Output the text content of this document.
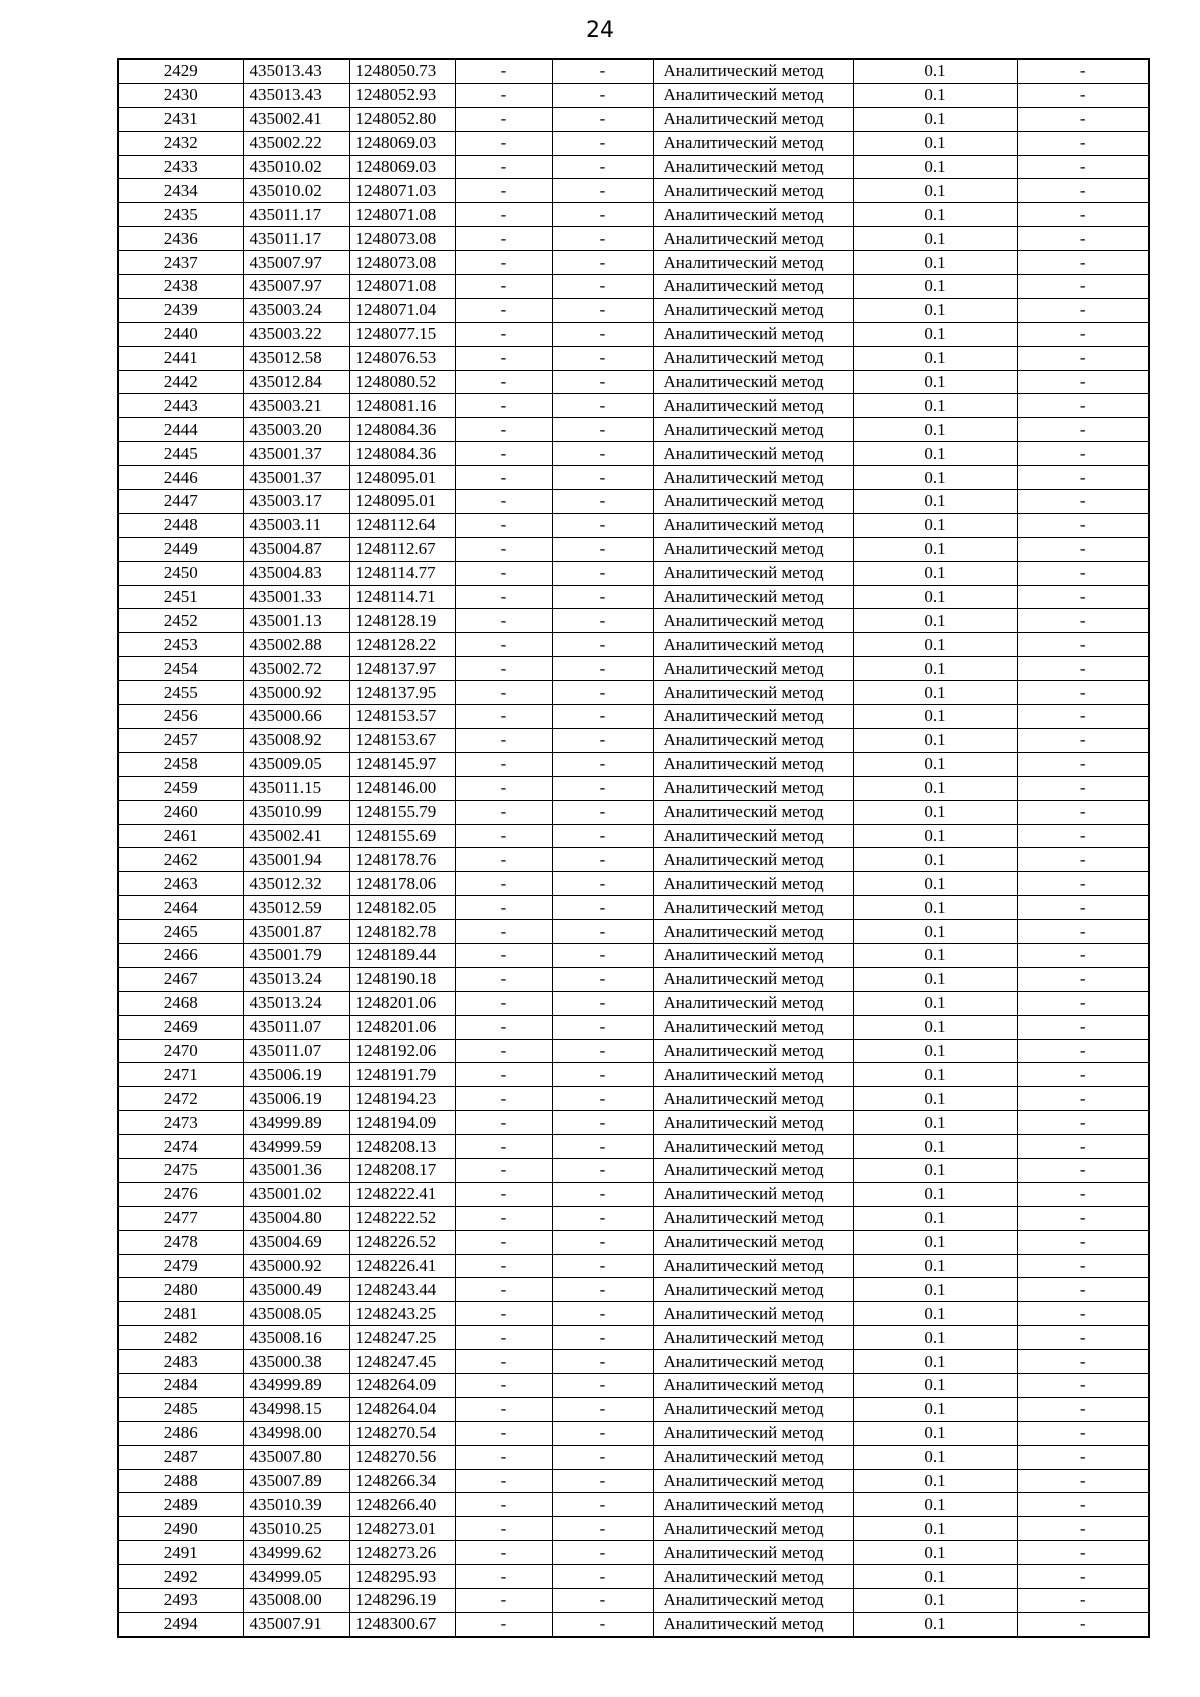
24
2429	435013.43	1248050.73	-	-	Аналитический метод	0.1	-
2430	435013.43	1248052.93	-	-	Аналитический метод	0.1	-
2431	435002.41	1248052.80	-	-	Аналитический метод	0.1	-
2432	435002.22	1248069.03	-	-	Аналитический метод	0.1	-
2433	435010.02	1248069.03	-	-	Аналитический метод	0.1	-
2434	435010.02	1248071.03	-	-	Аналитический метод	0.1	-
2435	435011.17	1248071.08	-	-	Аналитический метод	0.1	-
2436	435011.17	1248073.08	-	-	Аналитический метод	0.1	-
2437	435007.97	1248073.08	-	-	Аналитический метод	0.1	-
2438	435007.97	1248071.08	-	-	Аналитический метод	0.1	-
2439	435003.24	1248071.04	-	-	Аналитический метод	0.1	-
2440	435003.22	1248077.15	-	-	Аналитический метод	0.1	-
2441	435012.58	1248076.53	-	-	Аналитический метод	0.1	-
2442	435012.84	1248080.52	-	-	Аналитический метод	0.1	-
2443	435003.21	1248081.16	-	-	Аналитический метод	0.1	-
2444	435003.20	1248084.36	-	-	Аналитический метод	0.1	-
2445	435001.37	1248084.36	-	-	Аналитический метод	0.1	-
2446	435001.37	1248095.01	-	-	Аналитический метод	0.1	-
2447	435003.17	1248095.01	-	-	Аналитический метод	0.1	-
2448	435003.11	1248112.64	-	-	Аналитический метод	0.1	-
2449	435004.87	1248112.67	-	-	Аналитический метод	0.1	-
2450	435004.83	1248114.77	-	-	Аналитический метод	0.1	-
2451	435001.33	1248114.71	-	-	Аналитический метод	0.1	-
2452	435001.13	1248128.19	-	-	Аналитический метод	0.1	-
2453	435002.88	1248128.22	-	-	Аналитический метод	0.1	-
2454	435002.72	1248137.97	-	-	Аналитический метод	0.1	-
2455	435000.92	1248137.95	-	-	Аналитический метод	0.1	-
2456	435000.66	1248153.57	-	-	Аналитический метод	0.1	-
2457	435008.92	1248153.67	-	-	Аналитический метод	0.1	-
2458	435009.05	1248145.97	-	-	Аналитический метод	0.1	-
2459	435011.15	1248146.00	-	-	Аналитический метод	0.1	-
2460	435010.99	1248155.79	-	-	Аналитический метод	0.1	-
2461	435002.41	1248155.69	-	-	Аналитический метод	0.1	-
2462	435001.94	1248178.76	-	-	Аналитический метод	0.1	-
2463	435012.32	1248178.06	-	-	Аналитический метод	0.1	-
2464	435012.59	1248182.05	-	-	Аналитический метод	0.1	-
2465	435001.87	1248182.78	-	-	Аналитический метод	0.1	-
2466	435001.79	1248189.44	-	-	Аналитический метод	0.1	-
2467	435013.24	1248190.18	-	-	Аналитический метод	0.1	-
2468	435013.24	1248201.06	-	-	Аналитический метод	0.1	-
2469	435011.07	1248201.06	-	-	Аналитический метод	0.1	-
2470	435011.07	1248192.06	-	-	Аналитический метод	0.1	-
2471	435006.19	1248191.79	-	-	Аналитический метод	0.1	-
2472	435006.19	1248194.23	-	-	Аналитический метод	0.1	-
2473	434999.89	1248194.09	-	-	Аналитический метод	0.1	-
2474	434999.59	1248208.13	-	-	Аналитический метод	0.1	-
2475	435001.36	1248208.17	-	-	Аналитический метод	0.1	-
2476	435001.02	1248222.41	-	-	Аналитический метод	0.1	-
2477	435004.80	1248222.52	-	-	Аналитический метод	0.1	-
2478	435004.69	1248226.52	-	-	Аналитический метод	0.1	-
2479	435000.92	1248226.41	-	-	Аналитический метод	0.1	-
2480	435000.49	1248243.44	-	-	Аналитический метод	0.1	-
2481	435008.05	1248243.25	-	-	Аналитический метод	0.1	-
2482	435008.16	1248247.25	-	-	Аналитический метод	0.1	-
2483	435000.38	1248247.45	-	-	Аналитический метод	0.1	-
2484	434999.89	1248264.09	-	-	Аналитический метод	0.1	-
2485	434998.15	1248264.04	-	-	Аналитический метод	0.1	-
2486	434998.00	1248270.54	-	-	Аналитический метод	0.1	-
2487	435007.80	1248270.56	-	-	Аналитический метод	0.1	-
2488	435007.89	1248266.34	-	-	Аналитический метод	0.1	-
2489	435010.39	1248266.40	-	-	Аналитический метод	0.1	-
2490	435010.25	1248273.01	-	-	Аналитический метод	0.1	-
2491	434999.62	1248273.26	-	-	Аналитический метод	0.1	-
2492	434999.05	1248295.93	-	-	Аналитический метод	0.1	-
2493	435008.00	1248296.19	-	-	Аналитический метод	0.1	-
2494	435007.91	1248300.67	-	-	Аналитический метод	0.1	-
